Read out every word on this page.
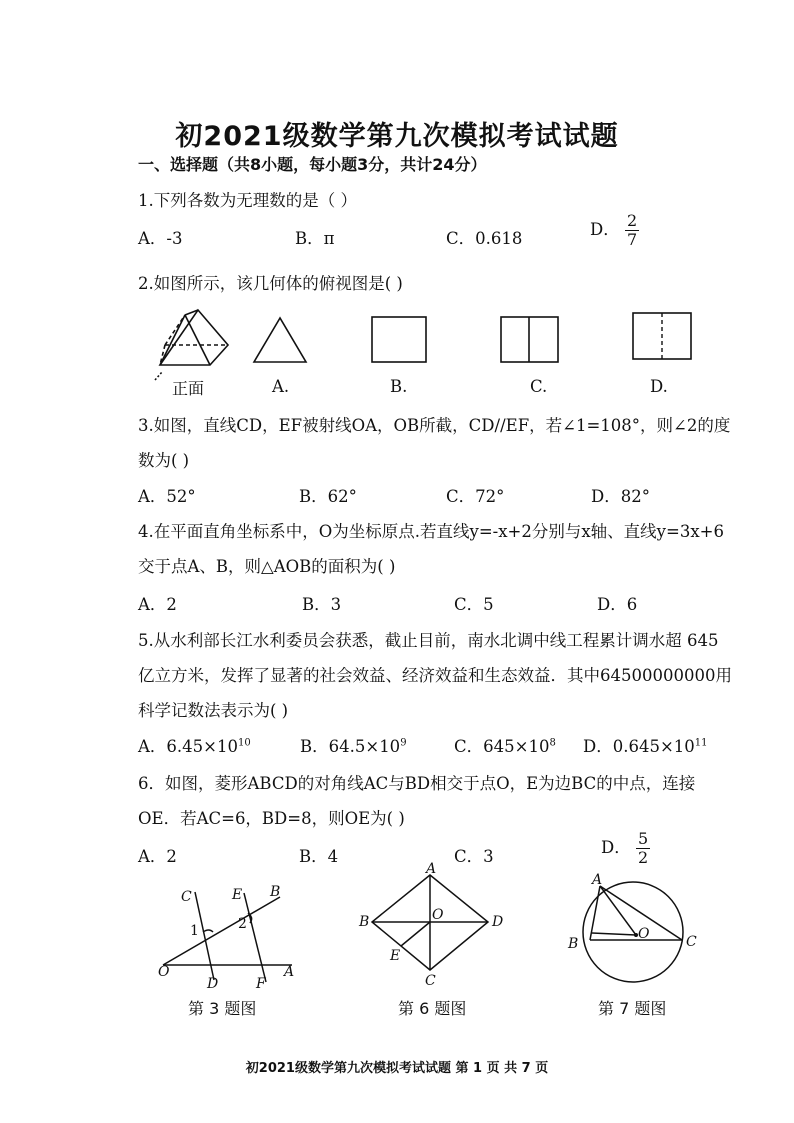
初2021级数学第九次模拟考试试题
一、选择题（共8小题，每小题3分，共计24分）
1.下列各数为无理数的是（ ）
A．-3	B．π	C．0.618	D． $\frac{2}{7}$
2.如图所示，该几何体的俯视图是( )
正面	A.	B.	C.	D.
3.如图，直线CD，EF被射线OA，OB所截，CD//EF，若∠1=108°，则∠2的度
数为( )
A．52°	B．62°	C．72°	D．82°
4.在平面直角坐标系中，O为坐标原点.若直线y=-x+2分别与x轴、直线y=3x+6
交于点A、B，则△AOB的面积为( )
A．2	B．3	C．5	D．6
5.从水利部长江水利委员会获悉，截止目前，南水北调中线工程累计调水超 645
亿立方米，发挥了显著的社会效益、经济效益和生态效益．其中64500000000用
科学记数法表示为( )
A．$6.45\times 10^{10}$	B．$64.5\times 10^9$	C．$645\times 10^8$ D．$0.645\times 10^{11}$
6．如图，菱形ABCD的对角线AC与BD相交于点O，E为边BC的中点，连接
OE．若AC=6，BD=8，则OE为( )
A．2	B．4	C．3	D． $\frac{5}{2}$
C	E B
1	2
O
D	F
A
A
B	O	D
E
C
A
B
O	C
第 3 题图	第 6 题图	第 7 题图
初2021级数学第九次模拟考试试题 第 1 页 共 7 页
